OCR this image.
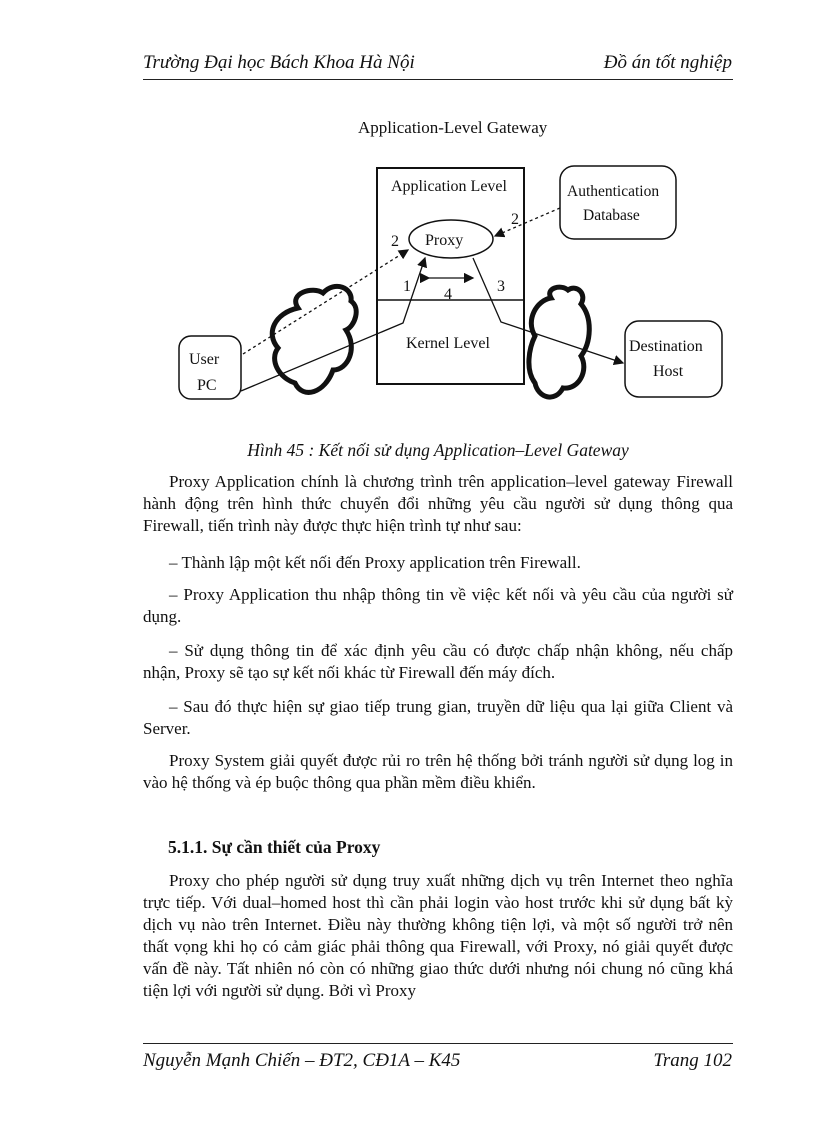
Trường Đại học Bách Khoa Hà Nội	Đồ án tốt nghiệp
Application-Level Gateway
Application Level
Kernel Level
Proxy
Authentication
Database
User
PC
Destination
Host
1
2
2
3
4
Hình 45 : Kết nối sử dụng Application–Level Gateway

Proxy Application chính là chương trình trên application–level gateway Firewall hành động trên hình thức chuyển đổi những yêu cầu người sử dụng thông qua Firewall, tiến trình này được thực hiện trình tự như sau:

– Thành lập một kết nối đến Proxy application trên Firewall.

– Proxy Application thu nhập thông tin về việc kết nối và yêu cầu của người sử dụng.

– Sử dụng thông tin để xác định yêu cầu có được chấp nhận không, nếu chấp nhận, Proxy sẽ tạo sự kết nối khác từ Firewall đến máy đích.

– Sau đó thực hiện sự giao tiếp trung gian, truyền dữ liệu qua lại giữa Client và Server.

Proxy System giải quyết được rủi ro trên hệ thống bởi tránh người sử dụng log in vào hệ thống và ép buộc thông qua phần mềm điều khiển.

5.1.1. Sự cần thiết của Proxy

Proxy cho phép người sử dụng truy xuất những dịch vụ trên Internet theo nghĩa trực tiếp. Với dual–homed host thì cần phải login vào host trước khi sử dụng bất kỳ dịch vụ nào trên Internet. Điều này thường không tiện lợi, và một số người trở nên thất vọng khi họ có cảm giác phải thông qua Firewall, với Proxy, nó giải quyết được vấn đề này. Tất nhiên nó còn có những giao thức dưới nhưng nói chung nó cũng khá tiện lợi với người sử dụng. Bởi vì Proxy

Nguyễn Mạnh Chiến – ĐT2, CĐ1A – K45	Trang 102
